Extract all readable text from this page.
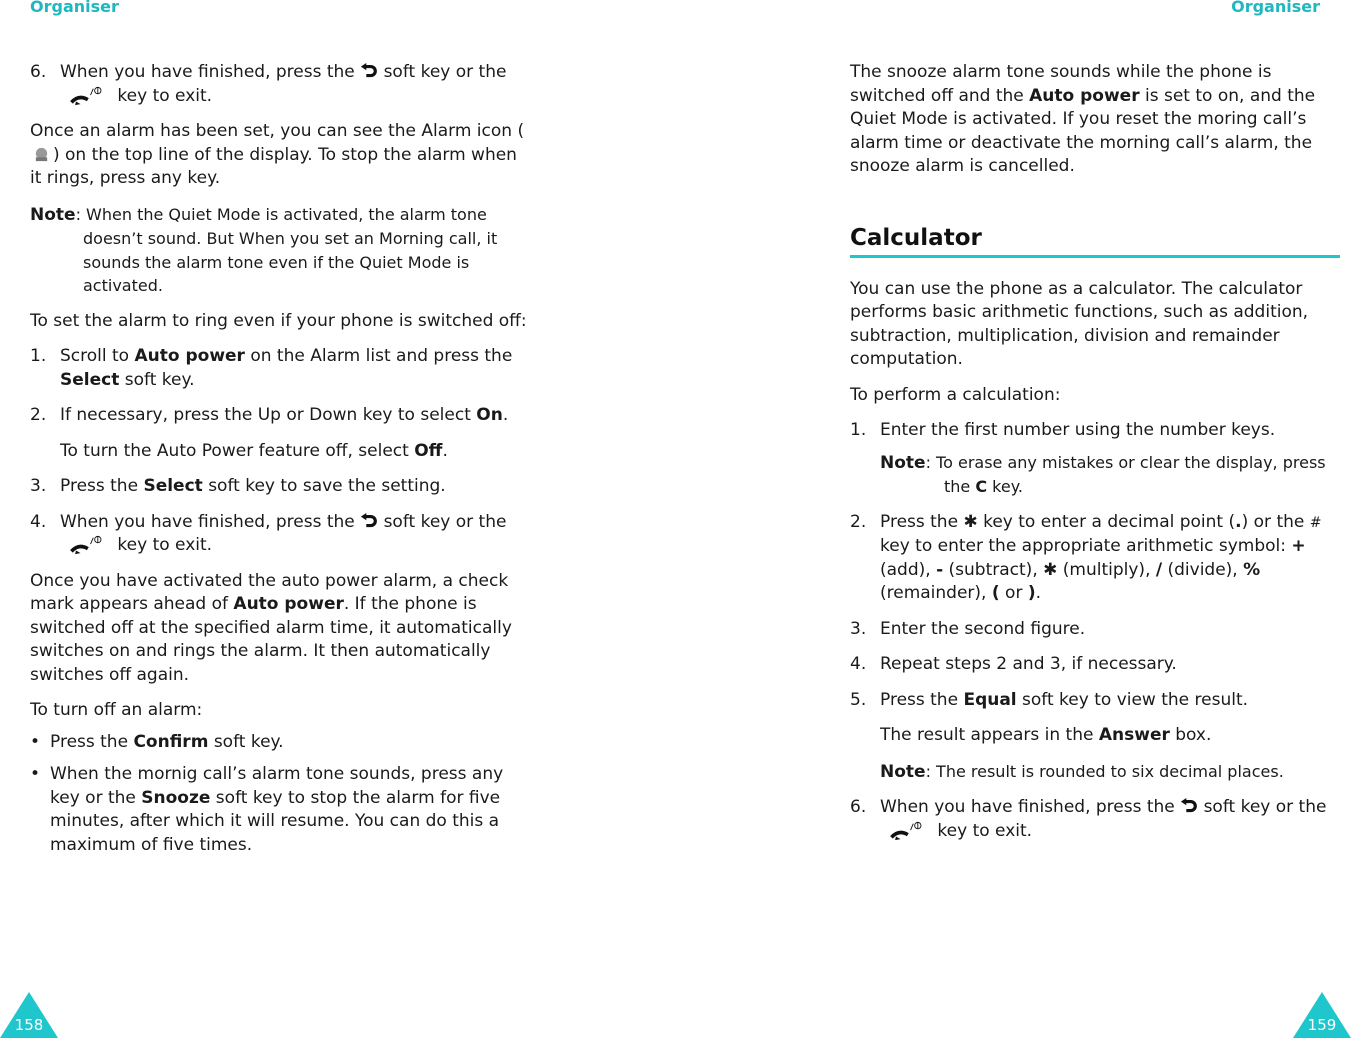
Organiser	Organiser
6. When you have finished, press the soft key or the  key to exit.
Once an alarm has been set, you can see the Alarm icon () on the top line of the display. To stop the alarm when it rings, press any key.
Note: When the Quiet Mode is activated, the alarm tone doesn’t sound. But When you set an Morning call, it sounds the alarm tone even if the Quiet Mode is activated.
To set the alarm to ring even if your phone is switched off:
1. Scroll to Auto power on the Alarm list and press the Select soft key.
2. If necessary, press the Up or Down key to select On.
To turn the Auto Power feature off, select Off.
3. Press the Select soft key to save the setting.
4. When you have finished, press the soft key or the  key to exit.
Once you have activated the auto power alarm, a check mark appears ahead of Auto power. If the phone is switched off at the specified alarm time, it automatically switches on and rings the alarm. It then automatically switches off again.
To turn off an alarm:
• Press the Confirm soft key.
• When the mornig call’s alarm tone sounds, press any key or the Snooze soft key to stop the alarm for five minutes, after which it will resume. You can do this a maximum of five times.
158
The snooze alarm tone sounds while the phone is switched off and the Auto power is set to on, and the Quiet Mode is activated. If you reset the moring call’s alarm time or deactivate the morning call’s alarm, the snooze alarm is cancelled.
Calculator
You can use the phone as a calculator. The calculator performs basic arithmetic functions, such as addition, subtraction, multiplication, division and remainder computation.
To perform a calculation:
1. Enter the first number using the number keys.
Note: To erase any mistakes or clear the display, press the C key.
2. Press the ✱ key to enter a decimal point (.) or the # key to enter the appropriate arithmetic symbol: + (add), - (subtract), ✱ (multiply), / (divide), % (remainder), ( or ).
3. Enter the second figure.
4. Repeat steps 2 and 3, if necessary.
5. Press the Equal soft key to view the result.
The result appears in the Answer box.
Note: The result is rounded to six decimal places.
6. When you have finished, press the soft key or the  key to exit.
159
